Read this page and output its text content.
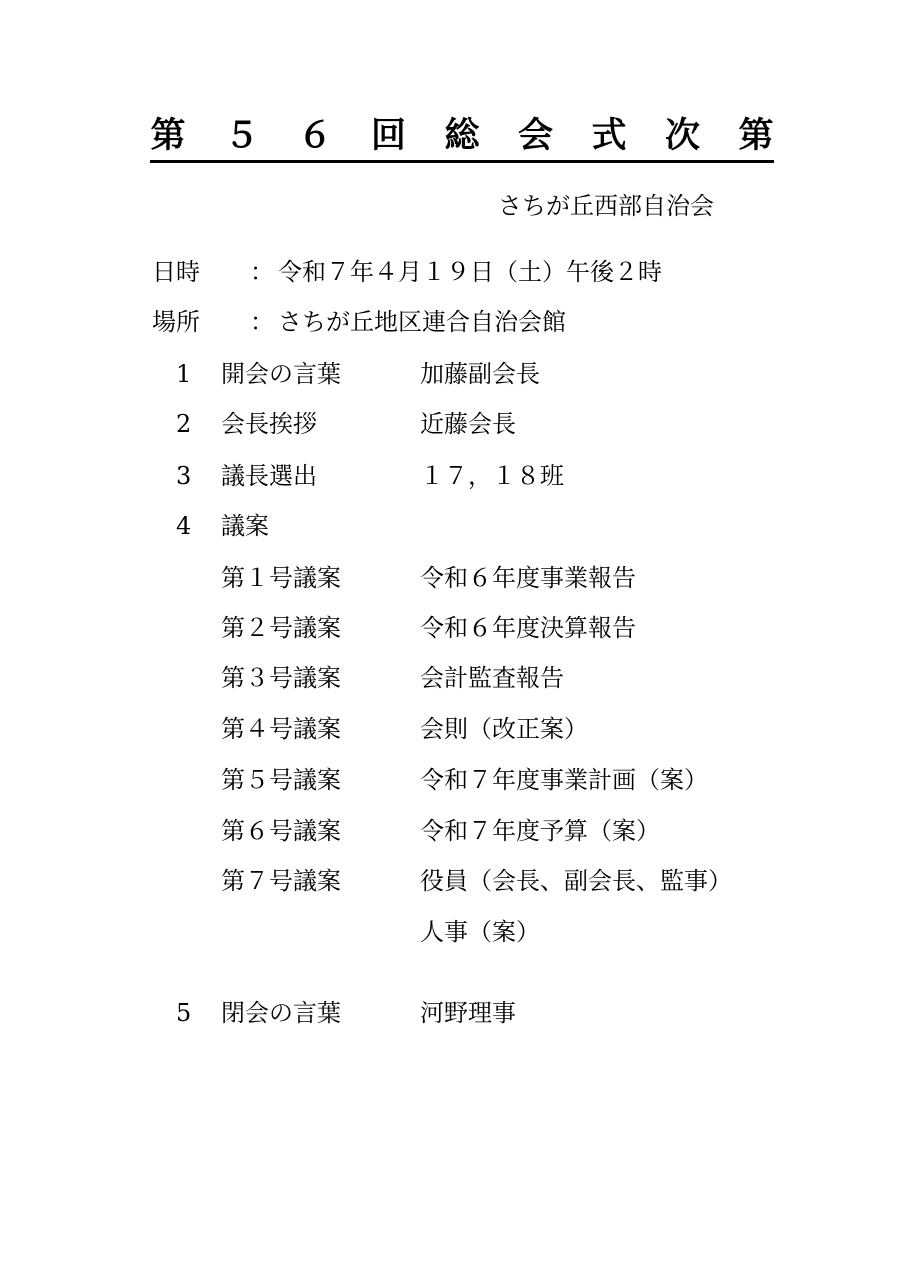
第 ５ ６ 回 総 会 式 次 第
さちが丘西部自治会
日時 ： 令和７年４月１９日（土）午後２時
場所 ： さちが丘地区連合自治会館
1 開会の言葉	加藤副会長
2 会長挨拶	近藤会長
3 議長選出	１７，１８班
4 議案
第１号議案	令和６年度事業報告
第２号議案	令和６年度決算報告
第３号議案	会計監査報告
第４号議案	会則（改正案）
第５号議案	令和７年度事業計画（案）
第６号議案	令和７年度予算（案）
第７号議案	役員（会長、副会長、監事）
人事（案）
5 閉会の言葉	河野理事
